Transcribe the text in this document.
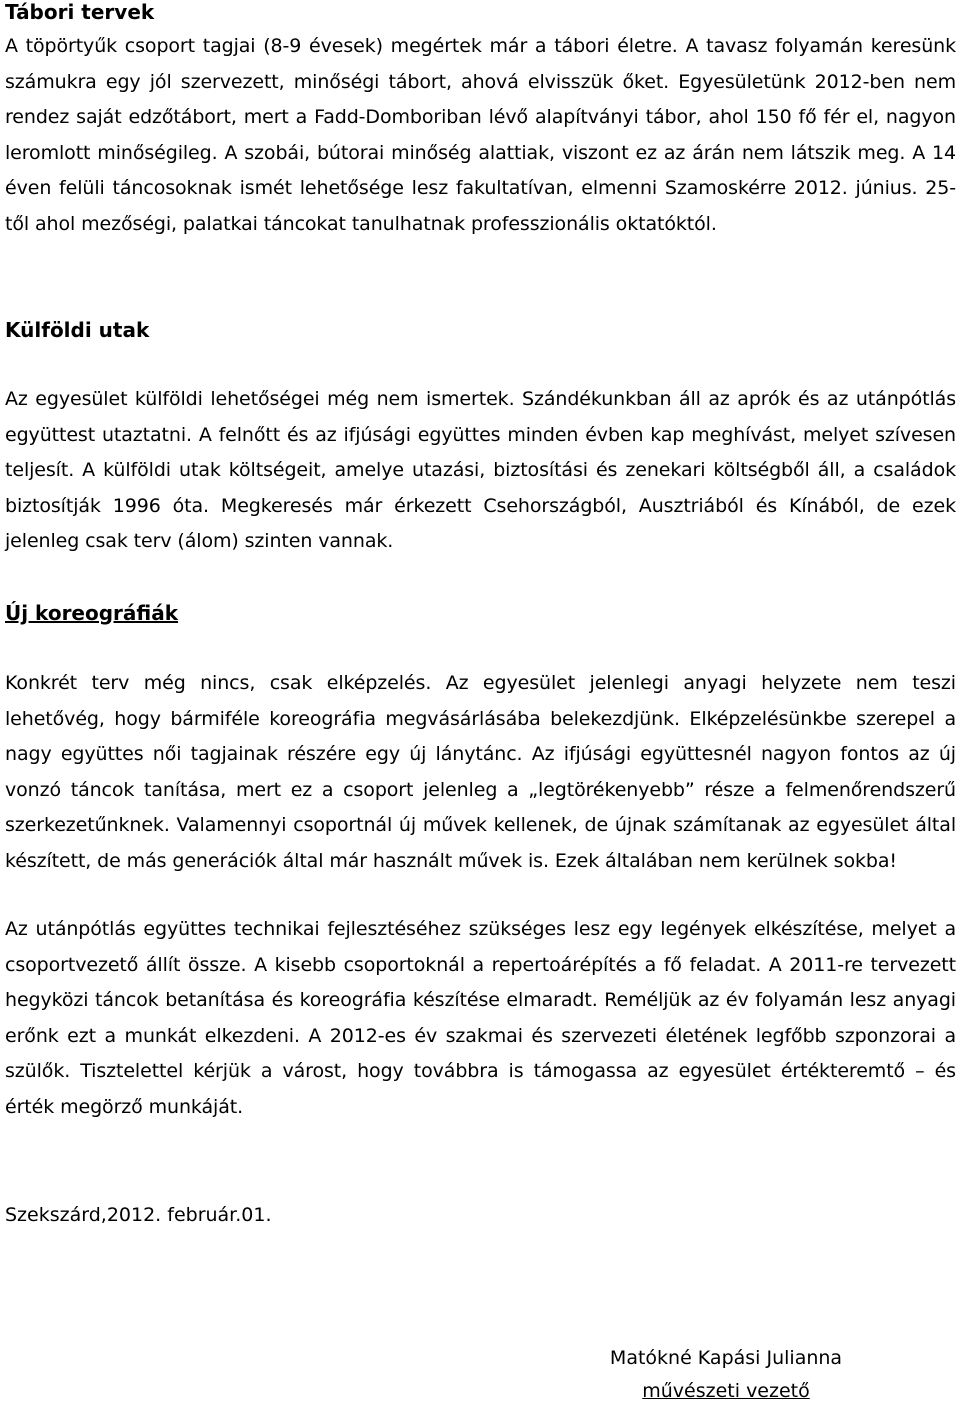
Tábori tervek

A töpörtyűk csoport tagjai (8-9 évesek) megértek már a tábori életre. A tavasz folyamán keresünk számukra egy jól szervezett, minőségi tábort, ahová elvisszük őket. Egyesületünk 2012-ben nem rendez saját edzőtábort, mert a Fadd-Domboriban lévő alapítványi tábor, ahol 150 fő fér el, nagyon leromlott minőségileg. A szobái, bútorai minőség alattiak, viszont ez az árán nem látszik meg. A 14 éven felüli táncosoknak ismét lehetősége lesz fakultatívan, elmenni Szamoskérre 2012. június. 25-től ahol mezőségi, palatkai táncokat tanulhatnak professzionális oktatóktól.

Külföldi utak

Az egyesület külföldi lehetőségei még nem ismertek. Szándékunkban áll az aprók és az utánpótlás együttest utaztatni. A felnőtt és az ifjúsági együttes minden évben kap meghívást, melyet szívesen teljesít. A külföldi utak költségeit, amelye utazási, biztosítási és zenekari költségből áll, a családok biztosítják 1996 óta. Megkeresés már érkezett Csehországból, Ausztriából és Kínából, de ezek jelenleg csak terv (álom) szinten vannak.

Új koreográfiák

Konkrét terv még nincs, csak elképzelés. Az egyesület jelenlegi anyagi helyzete nem teszi lehetővég, hogy bármiféle koreográfia megvásárlásába belekezdjünk. Elképzelésünkbe szerepel a nagy együttes női tagjainak részére egy új lánytánc. Az ifjúsági együttesnél nagyon fontos az új vonzó táncok tanítása, mert ez a csoport jelenleg a „legtörékenyebb” része a felmenőrendszerű szerkezetűnknek. Valamennyi csoportnál új művek kellenek, de újnak számítanak az egyesület által készített, de más generációk által már használt művek is. Ezek általában nem kerülnek sokba!

Az utánpótlás együttes technikai fejlesztéséhez szükséges lesz egy legények elkészítése, melyet a csoportvezető állít össze. A kisebb csoportoknál a repertoárépítés a fő feladat. A 2011-re tervezett hegyközi táncok betanítása és koreográfia készítése elmaradt. Reméljük az év folyamán lesz anyagi erőnk ezt a munkát elkezdeni. A 2012-es év szakmai és szervezeti életének legfőbb szponzorai a szülők. Tisztelettel kérjük a várost, hogy továbbra is támogassa az egyesület értékteremtő – és érték megörző munkáját.

Szekszárd,2012. február.01.

Matókné Kapási Julianna
művészeti vezető
